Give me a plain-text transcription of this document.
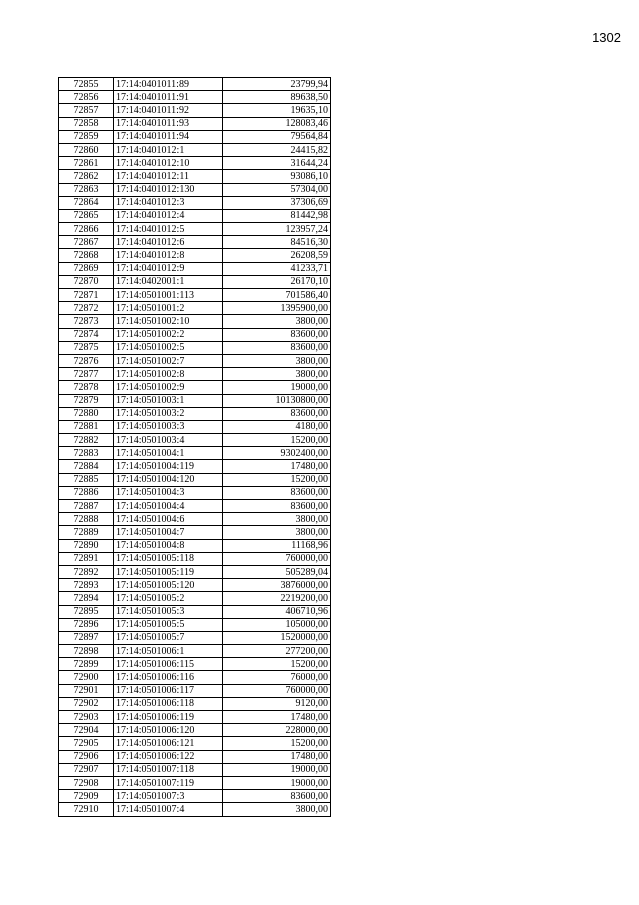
1302
72855	17:14:0401011:89	23799,94
72856	17:14:0401011:91	89638,50
72857	17:14:0401011:92	19635,10
72858	17:14:0401011:93	128083,46
72859	17:14:0401011:94	79564,84
72860	17:14:0401012:1	24415,82
72861	17:14:0401012:10	31644,24
72862	17:14:0401012:11	93086,10
72863	17:14:0401012:130	57304,00
72864	17:14:0401012:3	37306,69
72865	17:14:0401012:4	81442,98
72866	17:14:0401012:5	123957,24
72867	17:14:0401012:6	84516,30
72868	17:14:0401012:8	26208,59
72869	17:14:0401012:9	41233,71
72870	17:14:0402001:1	26170,10
72871	17:14:0501001:113	701586,40
72872	17:14:0501001:2	1395900,00
72873	17:14:0501002:10	3800,00
72874	17:14:0501002:2	83600,00
72875	17:14:0501002:5	83600,00
72876	17:14:0501002:7	3800,00
72877	17:14:0501002:8	3800,00
72878	17:14:0501002:9	19000,00
72879	17:14:0501003:1	10130800,00
72880	17:14:0501003:2	83600,00
72881	17:14:0501003:3	4180,00
72882	17:14:0501003:4	15200,00
72883	17:14:0501004:1	9302400,00
72884	17:14:0501004:119	17480,00
72885	17:14:0501004:120	15200,00
72886	17:14:0501004:3	83600,00
72887	17:14:0501004:4	83600,00
72888	17:14:0501004:6	3800,00
72889	17:14:0501004:7	3800,00
72890	17:14:0501004:8	11168,96
72891	17:14:0501005:118	760000,00
72892	17:14:0501005:119	505289,04
72893	17:14:0501005:120	3876000,00
72894	17:14:0501005:2	2219200,00
72895	17:14:0501005:3	406710,96
72896	17:14:0501005:5	105000,00
72897	17:14:0501005:7	1520000,00
72898	17:14:0501006:1	277200,00
72899	17:14:0501006:115	15200,00
72900	17:14:0501006:116	76000,00
72901	17:14:0501006:117	760000,00
72902	17:14:0501006:118	9120,00
72903	17:14:0501006:119	17480,00
72904	17:14:0501006:120	228000,00
72905	17:14:0501006:121	15200,00
72906	17:14:0501006:122	17480,00
72907	17:14:0501007:118	19000,00
72908	17:14:0501007:119	19000,00
72909	17:14:0501007:3	83600,00
72910	17:14:0501007:4	3800,00
